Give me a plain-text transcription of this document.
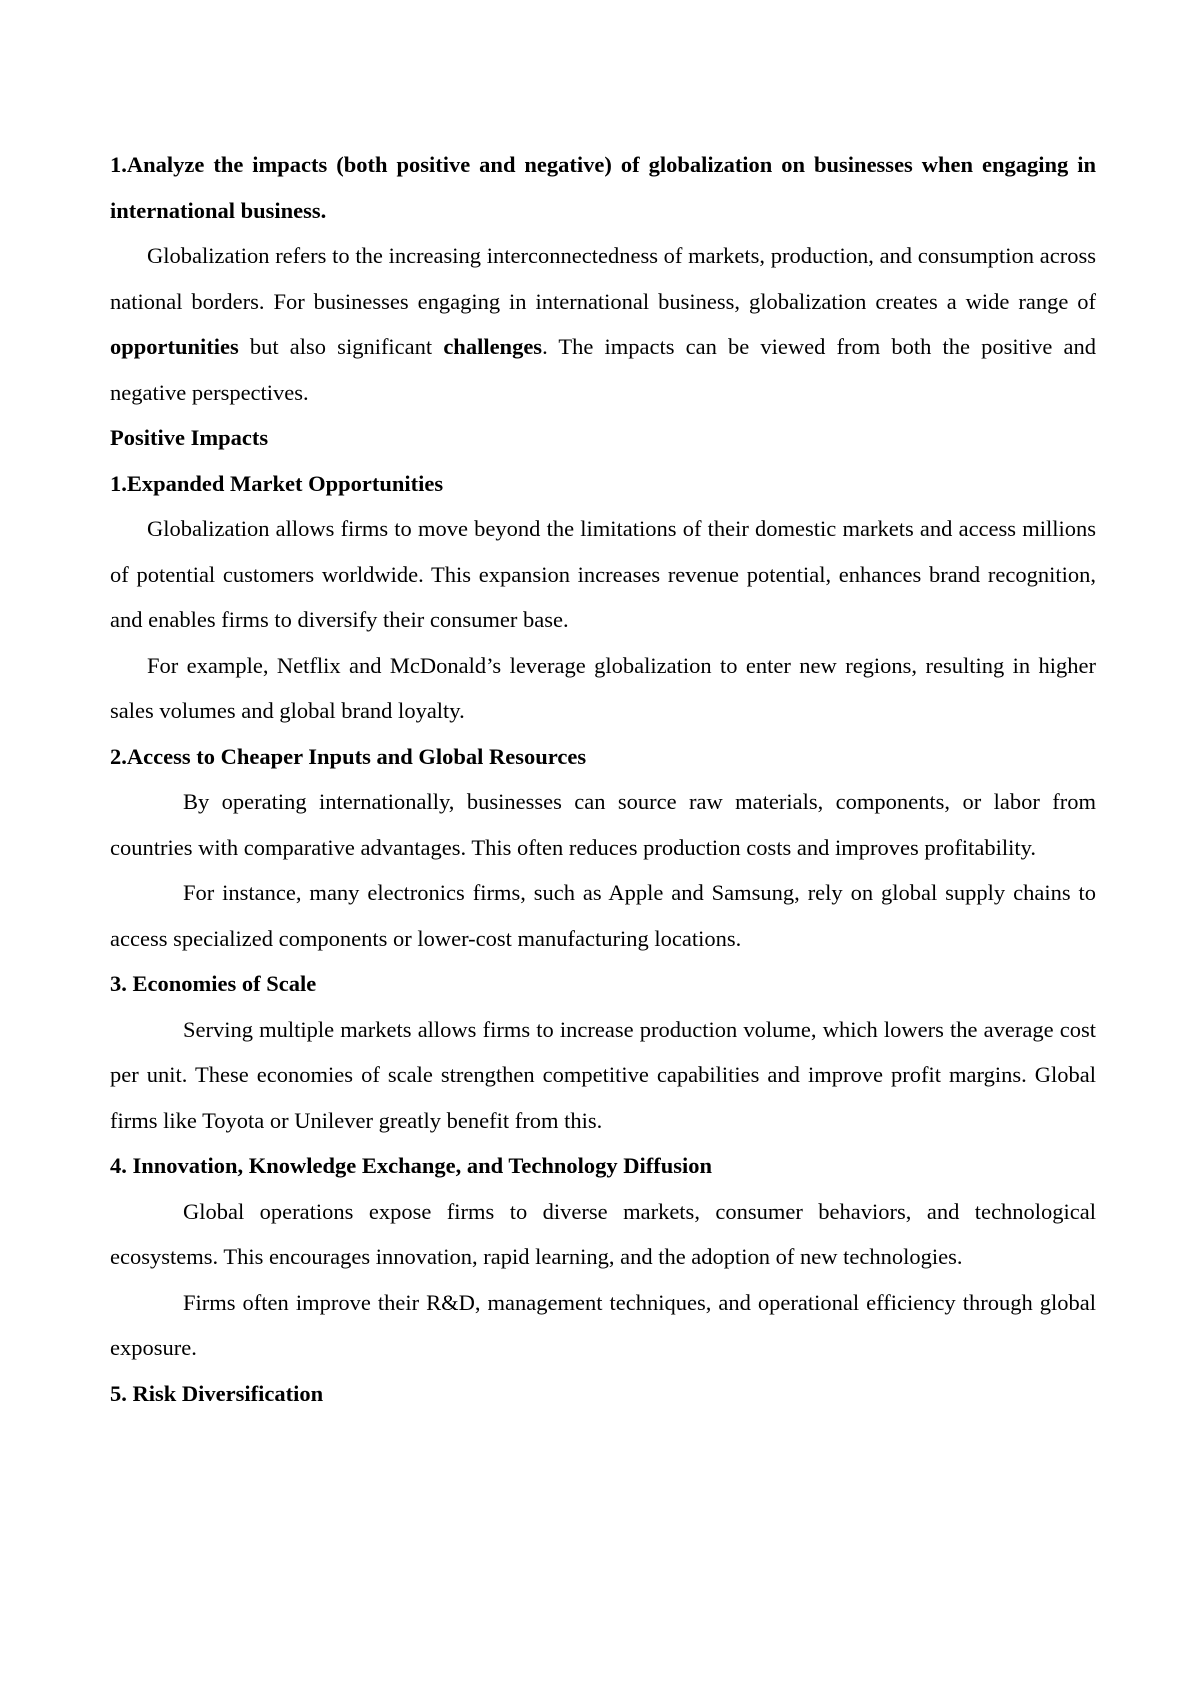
1.Analyze the impacts (both positive and negative) of globalization on businesses when engaging in international business.

Globalization refers to the increasing interconnectedness of markets, production, and consumption across national borders. For businesses engaging in international business, globalization creates a wide range of opportunities but also significant challenges. The impacts can be viewed from both the positive and negative perspectives.

Positive Impacts

1.Expanded Market Opportunities

Globalization allows firms to move beyond the limitations of their domestic markets and access millions of potential customers worldwide. This expansion increases revenue potential, enhances brand recognition, and enables firms to diversify their consumer base.

For example, Netflix and McDonald’s leverage globalization to enter new regions, resulting in higher sales volumes and global brand loyalty.

2.Access to Cheaper Inputs and Global Resources

By operating internationally, businesses can source raw materials, components, or labor from countries with comparative advantages. This often reduces production costs and improves profitability.

For instance, many electronics firms, such as Apple and Samsung, rely on global supply chains to access specialized components or lower-cost manufacturing locations.

3. Economies of Scale

Serving multiple markets allows firms to increase production volume, which lowers the average cost per unit. These economies of scale strengthen competitive capabilities and improve profit margins. Global firms like Toyota or Unilever greatly benefit from this.

4. Innovation, Knowledge Exchange, and Technology Diffusion

Global operations expose firms to diverse markets, consumer behaviors, and technological ecosystems. This encourages innovation, rapid learning, and the adoption of new technologies.

Firms often improve their R&D, management techniques, and operational efficiency through global exposure.

5. Risk Diversification
